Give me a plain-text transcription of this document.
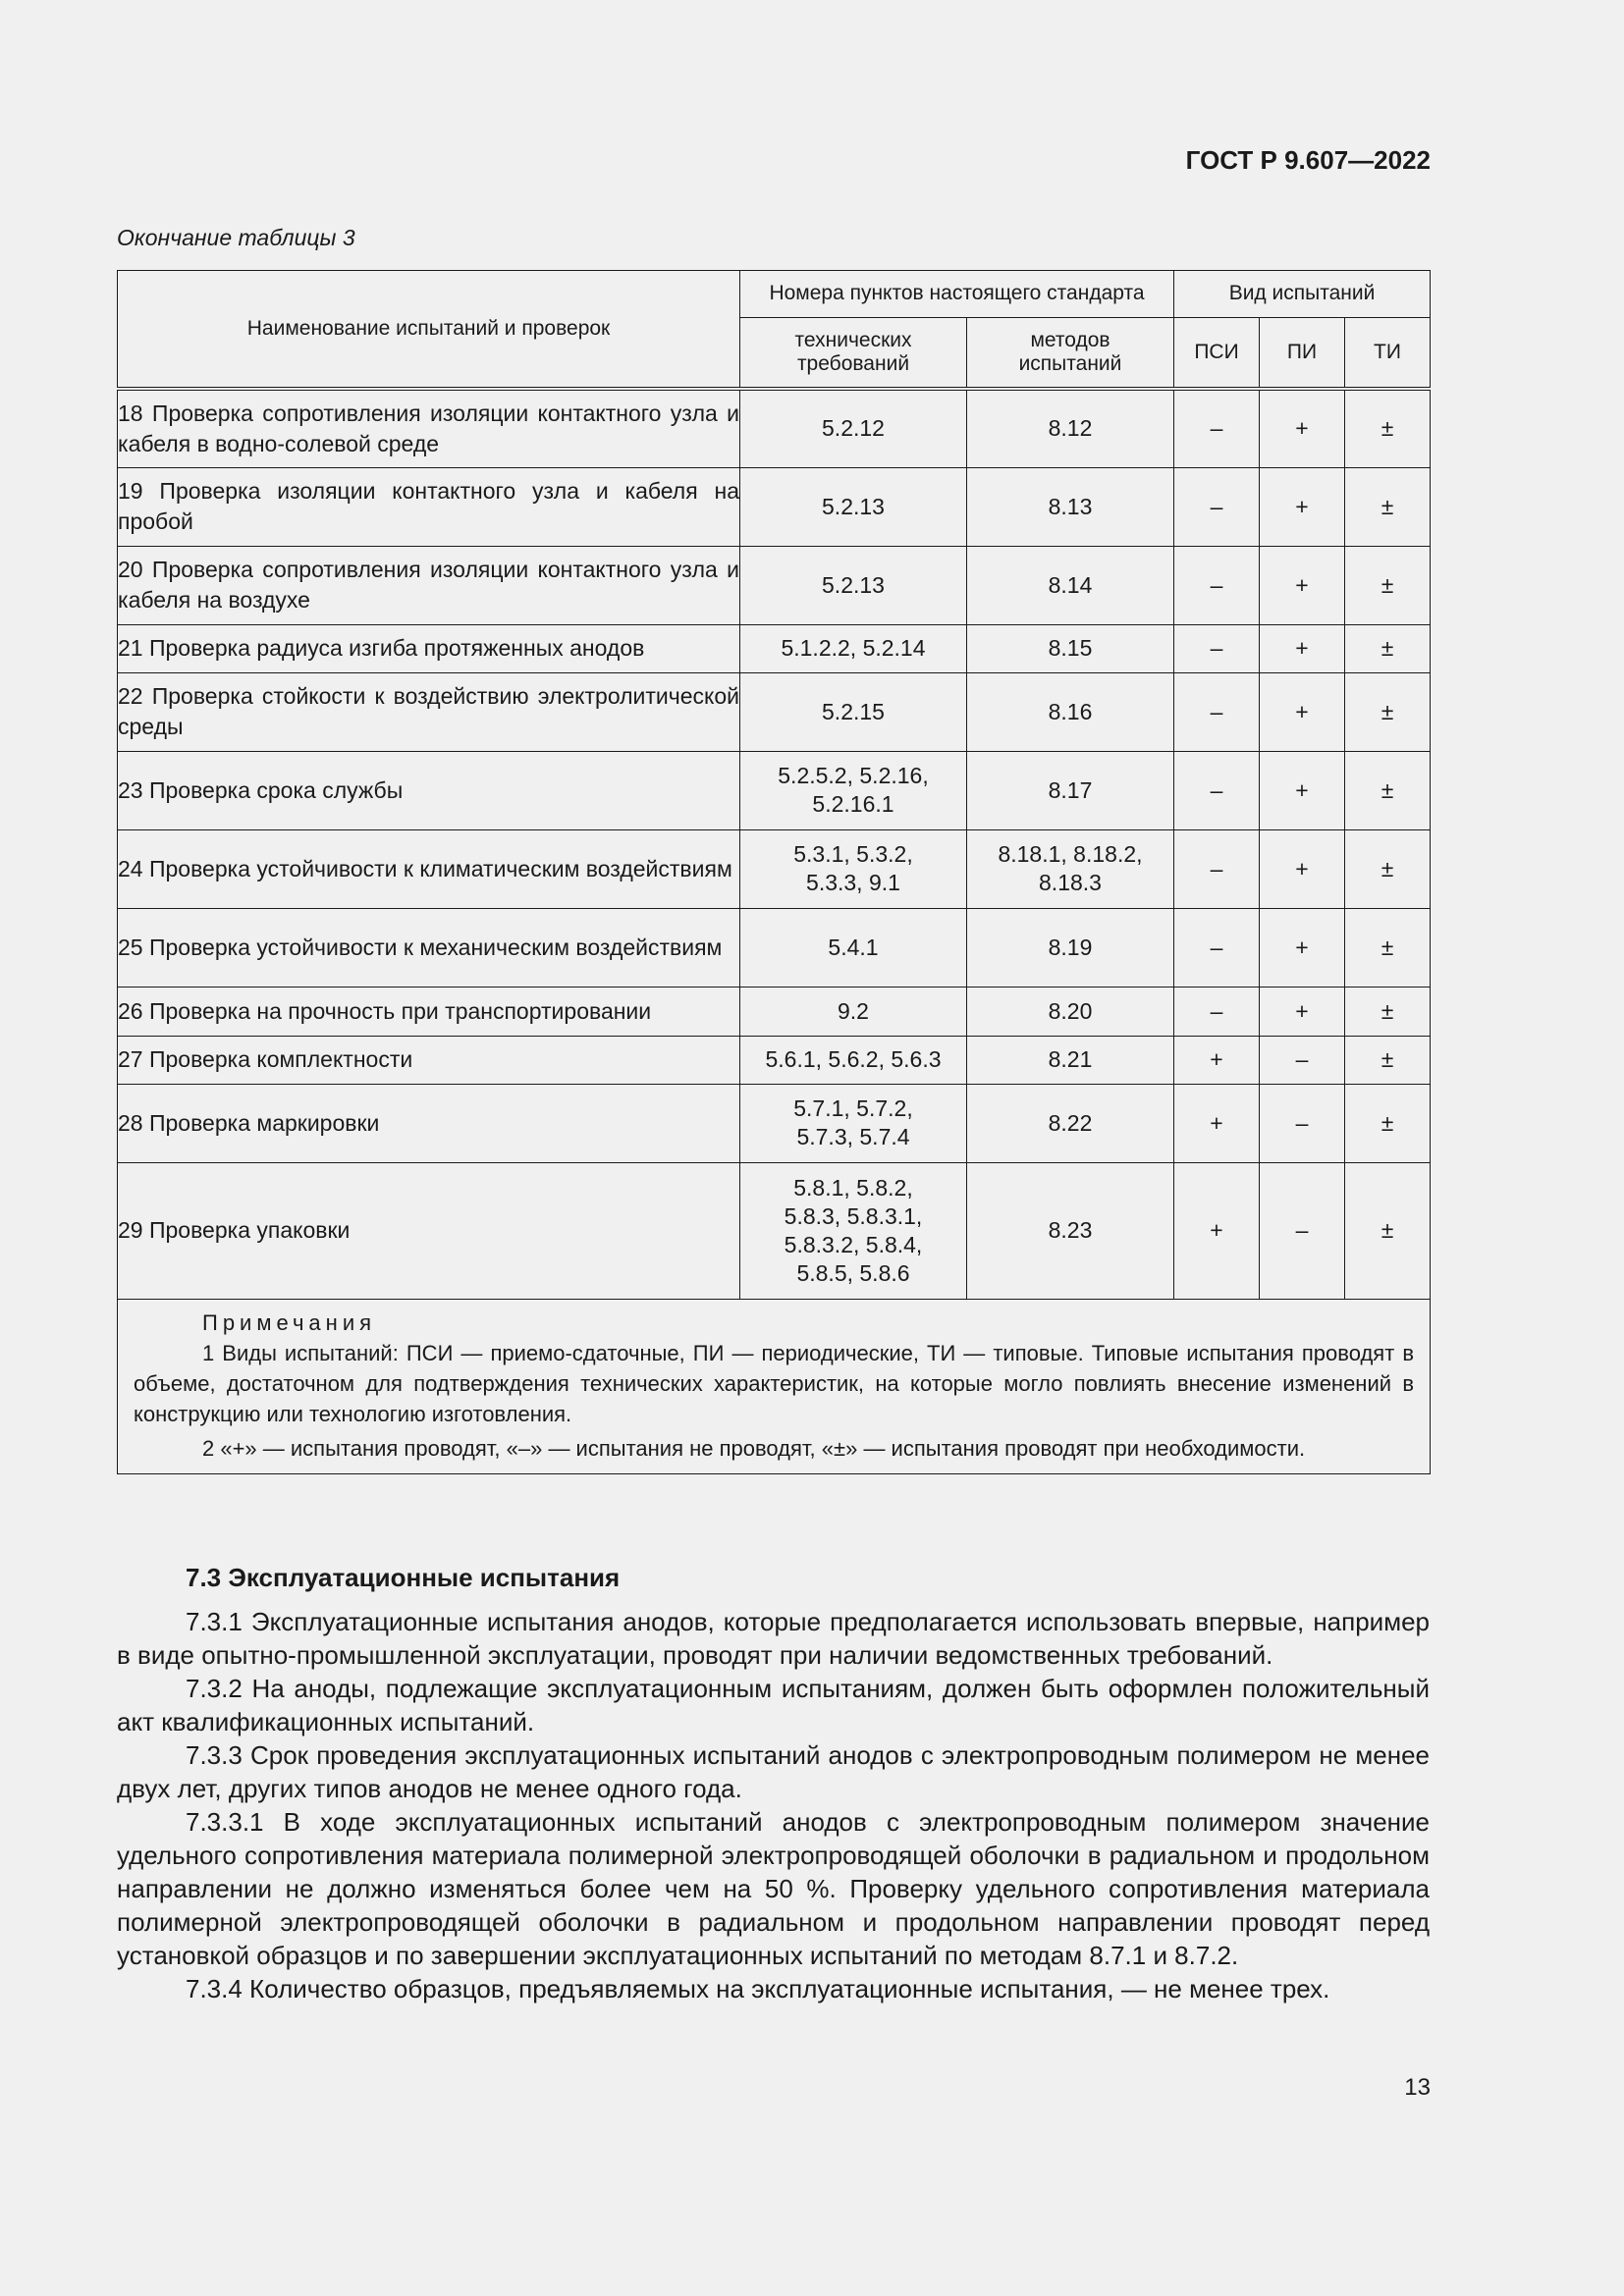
ГОСТ Р 9.607—2022
Окончание таблицы 3
Наименование испытаний и проверок	Номера пунктов настоящего стандарта		Вид испытаний		
	технических требований	методов испытаний	ПСИ	ПИ	ТИ
18 Проверка сопротивления изоляции контактного узла и кабеля в водно-солевой среде	5.2.12	8.12	–	+	±
19 Проверка изоляции контактного узла и кабеля на пробой	5.2.13	8.13	–	+	±
20 Проверка сопротивления изоляции контактного узла и кабеля на воздухе	5.2.13	8.14	–	+	±
21 Проверка радиуса изгиба протяженных анодов	5.1.2.2, 5.2.14	8.15	–	+	±
22 Проверка стойкости к воздействию электролитической среды	5.2.15	8.16	–	+	±
23 Проверка срока службы	5.2.5.2, 5.2.16, 5.2.16.1	8.17	–	+	±
24 Проверка устойчивости к климатическим воздействиям	5.3.1, 5.3.2, 5.3.3, 9.1	8.18.1, 8.18.2, 8.18.3	–	+	±
25 Проверка устойчивости к механическим воздействиям	5.4.1	8.19	–	+	±
26 Проверка на прочность при транспортировании	9.2	8.20	–	+	±
27 Проверка комплектности	5.6.1, 5.6.2, 5.6.3	8.21	+	–	±
28 Проверка маркировки	5.7.1, 5.7.2, 5.7.3, 5.7.4	8.22	+	–	±
29 Проверка упаковки	5.8.1, 5.8.2, 5.8.3, 5.8.3.1, 5.8.3.2, 5.8.4, 5.8.5, 5.8.6	8.23	+	–	±

Примечания

1 Виды испытаний: ПСИ — приемо-сдаточные, ПИ — периодические, ТИ — типовые. Типовые испытания проводят в объеме, достаточном для подтверждения технических характеристик, на которые могло повлиять внесение изменений в конструкцию или технологию изготовления.

2 «+» — испытания проводят, «–» — испытания не проводят, «±» — испытания проводят при необходимости.					

7.3 Эксплуатационные испытания

7.3.1 Эксплуатационные испытания анодов, которые предполагается использовать впервые, например в виде опытно-промышленной эксплуатации, проводят при наличии ведомственных требований.

7.3.2 На аноды, подлежащие эксплуатационным испытаниям, должен быть оформлен положительный акт квалификационных испытаний.

7.3.3 Срок проведения эксплуатационных испытаний анодов с электропроводным полимером не менее двух лет, других типов анодов не менее одного года.

7.3.3.1 В ходе эксплуатационных испытаний анодов с электропроводным полимером значение удельного сопротивления материала полимерной электропроводящей оболочки в радиальном и продольном направлении не должно изменяться более чем на 50 %. Проверку удельного сопротивления материала полимерной электропроводящей оболочки в радиальном и продольном направлении проводят перед установкой образцов и по завершении эксплуатационных испытаний по методам 8.7.1 и 8.7.2.

7.3.4 Количество образцов, предъявляемых на эксплуатационные испытания, — не менее трех.

13
